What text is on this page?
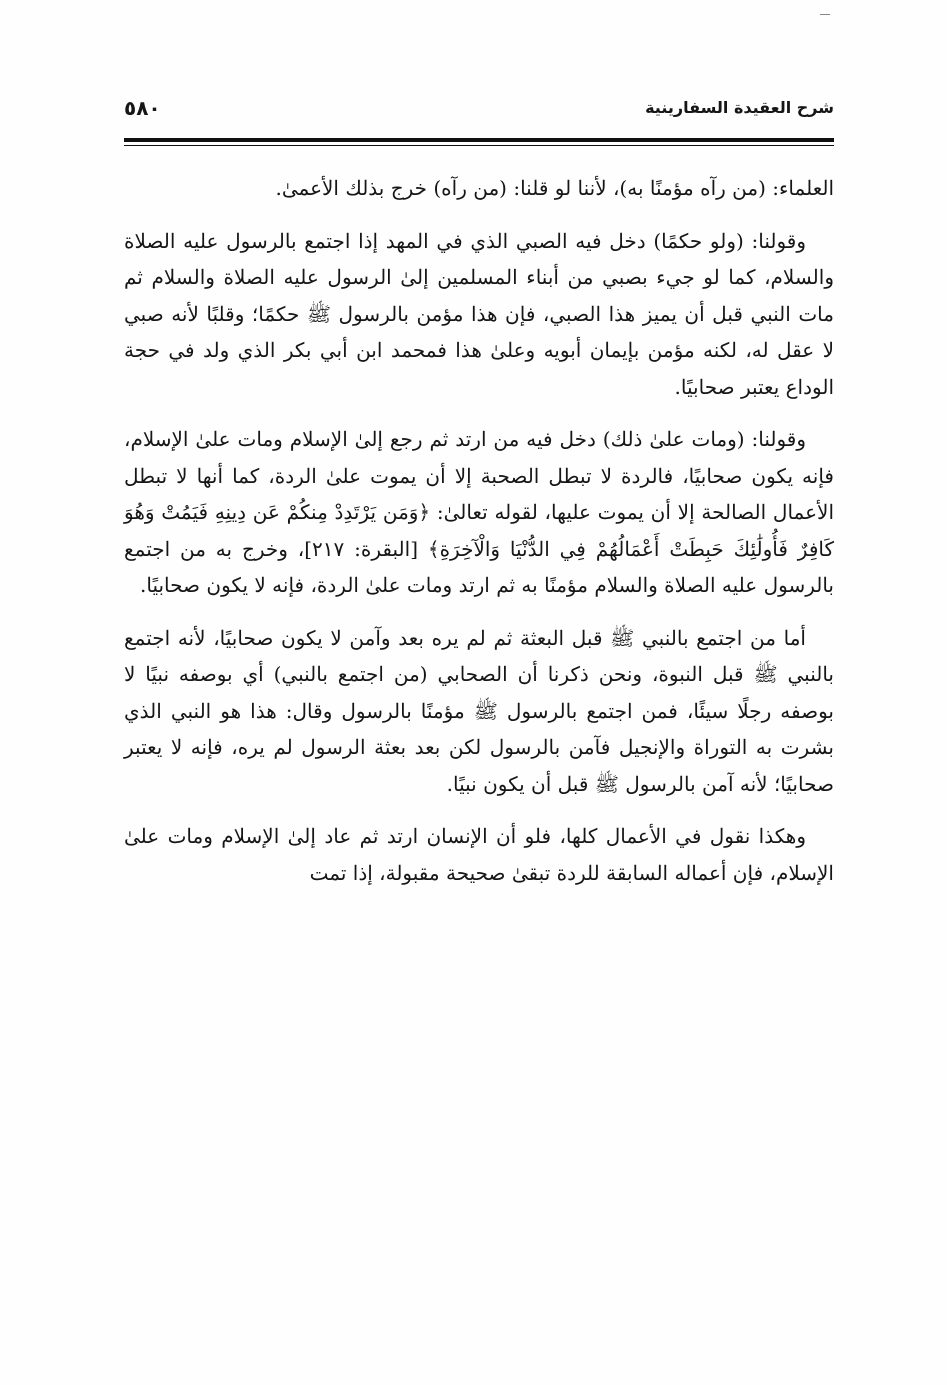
شرح العقيدة السفارينية
٥٨٠

العلماء: (من رآه مؤمنًا به)، لأننا لو قلنا: (من رآه) خرج بذلك الأعمىٰ.

وقولنا: (ولو حكمًا) دخل فيه الصبي الذي في المهد إذا اجتمع بالرسول عليه الصلاة والسلام، كما لو جيء بصبي من أبناء المسلمين إلىٰ الرسول عليه الصلاة والسلام ثم مات النبي قبل أن يميز هذا الصبي، فإن هذا مؤمن بالرسول ﷺ حكمًا؛ وقلبًا لأنه صبي لا عقل له، لكنه مؤمن بإيمان أبويه وعلىٰ هذا فمحمد ابن أبي بكر الذي ولد في حجة الوداع يعتبر صحابيًا.

وقولنا: (ومات علىٰ ذلك) دخل فيه من ارتد ثم رجع إلىٰ الإسلام ومات علىٰ الإسلام، فإنه يكون صحابيًا، فالردة لا تبطل الصحبة إلا أن يموت علىٰ الردة، كما أنها لا تبطل الأعمال الصالحة إلا أن يموت عليها، لقوله تعالىٰ: ﴿وَمَن يَرْتَدِدْ مِنكُمْ عَن دِينِهِ فَيَمُتْ وَهُوَ كَافِرٌ فَأُولَٰئِكَ حَبِطَتْ أَعْمَالُهُمْ فِي الدُّنْيَا وَالْآخِرَةِ﴾ [البقرة: ٢١٧]، وخرج به من اجتمع بالرسول عليه الصلاة والسلام مؤمنًا به ثم ارتد ومات علىٰ الردة، فإنه لا يكون صحابيًا.

أما من اجتمع بالنبي ﷺ قبل البعثة ثم لم يره بعد وآمن لا يكون صحابيًا، لأنه اجتمع بالنبي ﷺ قبل النبوة، ونحن ذكرنا أن الصحابي (من اجتمع بالنبي) أي بوصفه نبيًا لا بوصفه رجلًا سيئًا، فمن اجتمع بالرسول ﷺ مؤمنًا بالرسول وقال: هذا هو النبي الذي بشرت به التوراة والإنجيل فآمن بالرسول لكن بعد بعثة الرسول لم يره، فإنه لا يعتبر صحابيًا؛ لأنه آمن بالرسول ﷺ قبل أن يكون نبيًا.

وهكذا نقول في الأعمال كلها، فلو أن الإنسان ارتد ثم عاد إلىٰ الإسلام ومات علىٰ الإسلام، فإن أعماله السابقة للردة تبقىٰ صحيحة مقبولة، إذا تمت
